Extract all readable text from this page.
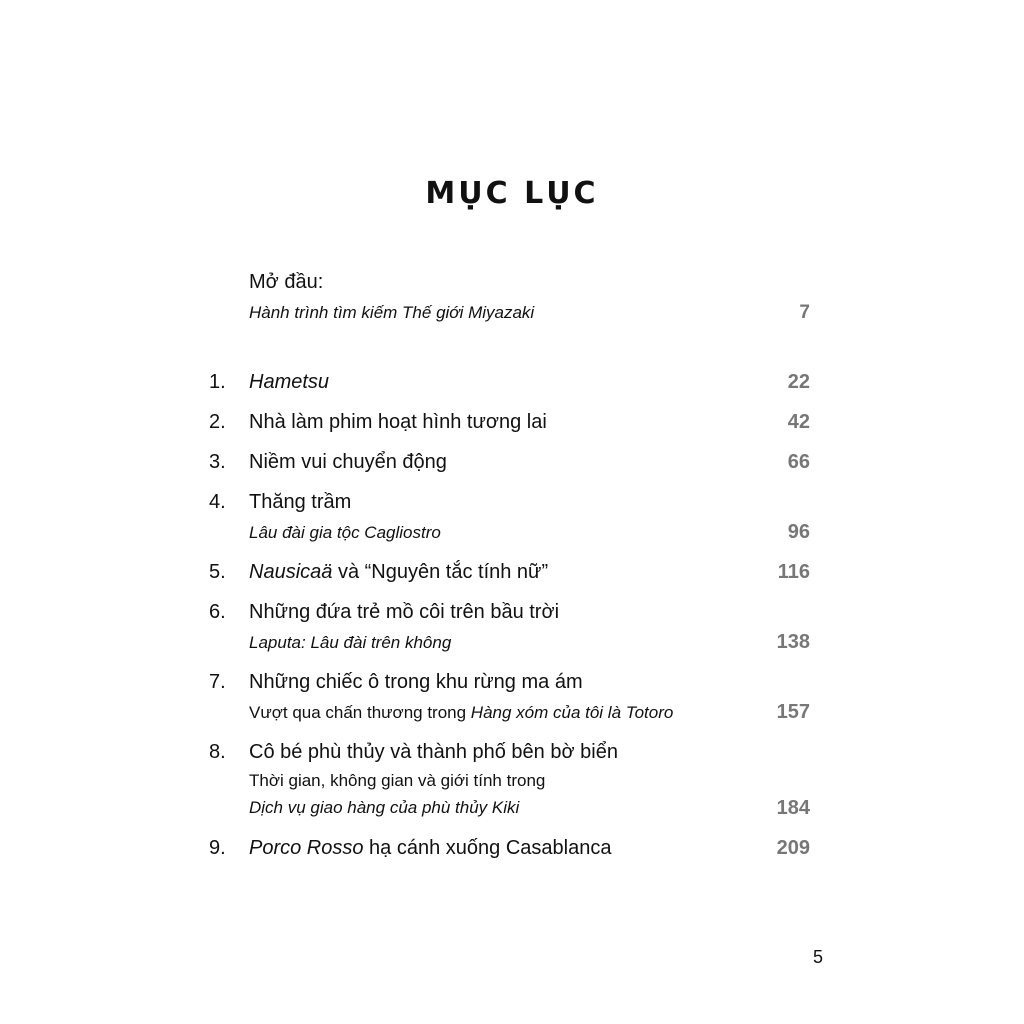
MỤC LỤC
Mở đầu:
Hành trình tìm kiếm Thế giới Miyazaki	7
1. Hametsu	22
2. Nhà làm phim hoạt hình tương lai	42
3. Niềm vui chuyển động	66
4. Thăng trầm
Lâu đài gia tộc Cagliostro	96
5. Nausicaä và “Nguyên tắc tính nữ”	116
6. Những đứa trẻ mồ côi trên bầu trời
Laputa: Lâu đài trên không	138
7. Những chiếc ô trong khu rừng ma ám
Vượt qua chấn thương trong Hàng xóm của tôi là Totoro	157
8. Cô bé phù thủy và thành phố bên bờ biển
Thời gian, không gian và giới tính trong
Dịch vụ giao hàng của phù thủy Kiki	184
9. Porco Rosso hạ cánh xuống Casablanca	209
5
